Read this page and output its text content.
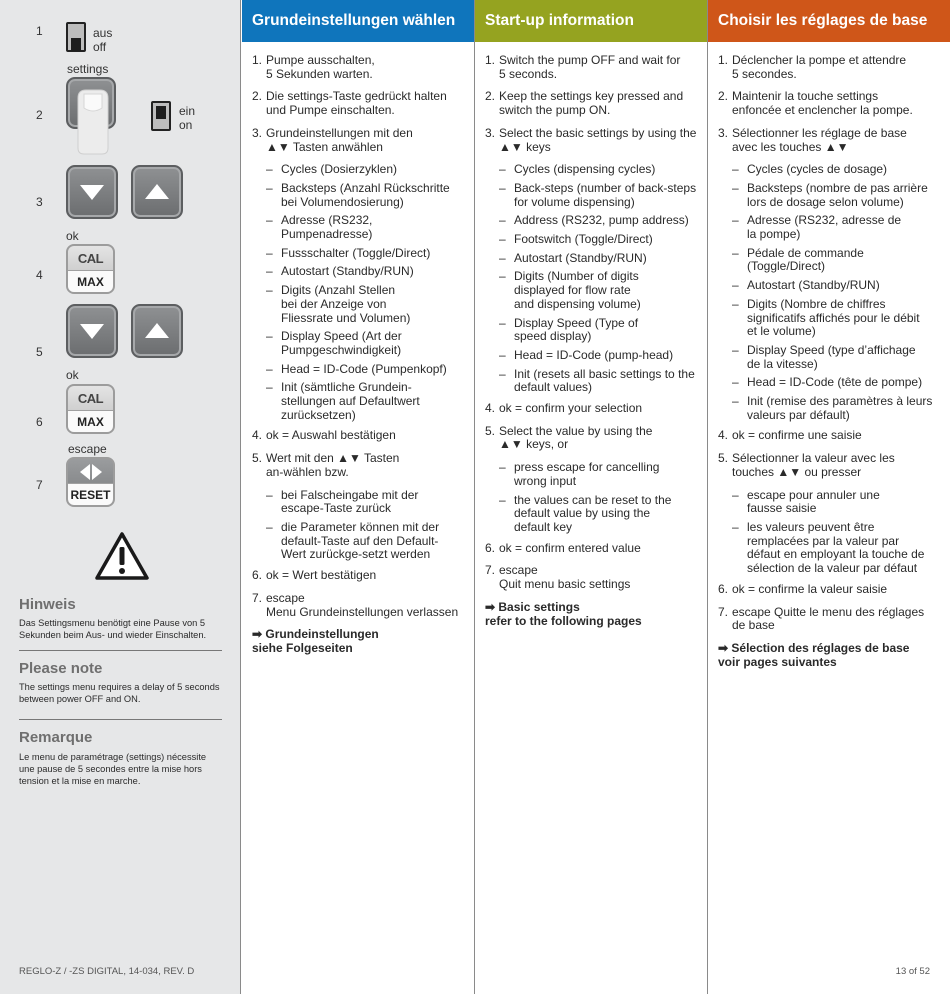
1
2
3
4
5
6
7
aus
off
settings
ein
on
ok
CAL
MAX
ok
CAL
MAX
escape
RESET
Hinweis
Das Settingsmenu benötigt eine Pause von 5 Sekunden beim Aus- und wieder Einschalten.
Please note
The settings menu requires a delay of 5 seconds between power OFF and ON.
Remarque
Le menu de paramétrage (settings) nécessite une pause de 5 secondes entre la mise hors tension et la mise en marche.
REGLO-Z / -ZS DIGITAL, 14-034, REV. D
Grundeinstellungen wählen
1. Pumpe ausschalten,
5 Sekunden warten.
2. Die settings-Taste gedrückt halten
und Pumpe einschalten.
3. Grundeinstellungen mit den
▲▼ Tasten anwählen
– Cycles (Dosierzyklen)
– Backsteps (Anzahl Rückschritte
bei Volumendosierung)
– Adresse (RS232, Pumpenadresse)
– Fussschalter (Toggle/Direct)
– Autostart (Standby/RUN)
– Digits (Anzahl Stellen
bei der Anzeige von
Fliessrate und Volumen)
– Display Speed (Art der
Pumpgeschwindigkeit)
– Head = ID-Code (Pumpenkopf)
– Init (sämtliche Grundein-
stellungen auf Defaultwert
zurücksetzen)
4. ok = Auswahl bestätigen
5. Wert mit den ▲▼ Tasten
an-wählen bzw.
– bei Falscheingabe mit der
escape-Taste zurück
– die Parameter können mit der
default-Taste auf den Default-
Wert zurückge-setzt werden
6. ok = Wert bestätigen
7. escape
Menu Grundeinstellungen verlassen
➡ Grundeinstellungen
siehe Folgeseiten
Start-up information
1. Switch the pump OFF and wait for
5 seconds.
2. Keep the settings key pressed and
switch the pump ON.
3. Select the basic settings by using the
▲▼ keys
– Cycles (dispensing cycles)
– Back-steps (number of back-steps
for volume dispensing)
– Address (RS232, pump address)
– Footswitch (Toggle/Direct)
– Autostart (Standby/RUN)
– Digits (Number of digits
displayed for flow rate
and dispensing volume)
– Display Speed (Type of
speed display)
– Head = ID-Code (pump-head)
– Init (resets all basic settings to the
default values)
4. ok = confirm your selection
5. Select the value by using the
▲▼ keys, or
– press escape for cancelling
wrong input
– the values can be reset to the
default value by using the
default key
6. ok = confirm entered value
7. escape
Quit menu basic settings
➡ Basic settings
refer to the following pages
Choisir les réglages de base
1. Déclencher la pompe et attendre
5 secondes.
2. Maintenir la touche settings
enfoncée et enclencher la pompe.
3. Sélectionner les réglage de base
avec les touches ▲▼
– Cycles (cycles de dosage)
– Backsteps (nombre de pas arrière
lors de dosage selon volume)
– Adresse (RS232, adresse de
la pompe)
– Pédale de commande
(Toggle/Direct)
– Autostart (Standby/RUN)
– Digits (Nombre de chiffres
significatifs affichés pour le débit
et le volume)
– Display Speed (type d’affichage
de la vitesse)
– Head = ID-Code (tête de pompe)
– Init (remise des paramètres à leurs
valeurs par défault)
4. ok = confirme une saisie
5. Sélectionner la valeur avec les
touches ▲▼ ou presser
– escape pour annuler une
fausse saisie
– les valeurs peuvent être
remplacées par la valeur par
défaut en employant la touche de
sélection de la valeur par défaut
6. ok = confirme la valeur saisie
7. escape Quitte le menu des réglages
de base
➡ Sélection des réglages de base
voir pages suivantes
13 of 52
